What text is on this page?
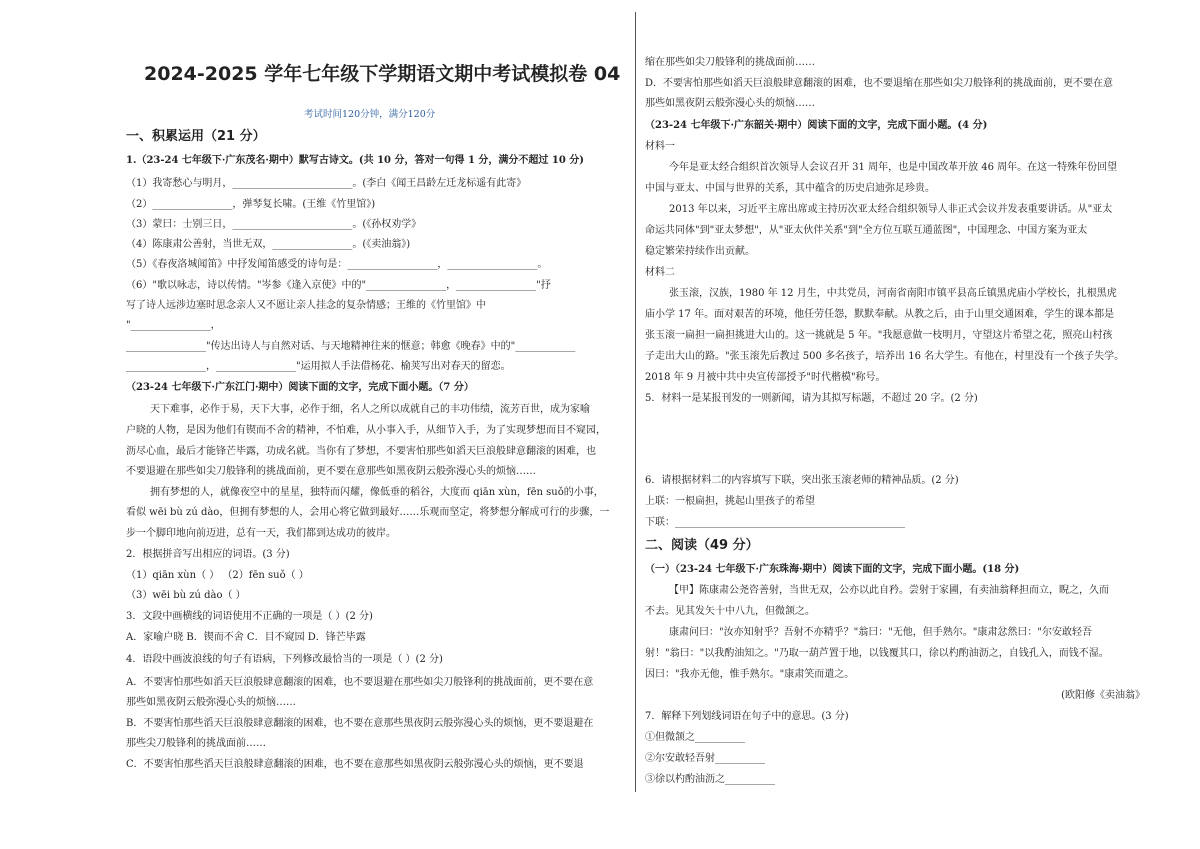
2024-2025 学年七年级下学期语文期中考试模拟卷 04
考试时间120分钟，满分120分
一、积累运用（21 分）
1.（23-24 七年级下·广东茂名·期中）默写古诗文。(共 10 分，答对一句得 1 分，满分不超过 10 分)
（1）我寄愁心与明月，________________________。(李白《闻王昌龄左迁龙标遥有此寄》
（2）________________，弹琴复长啸。(王维《竹里馆》)
（3）蒙曰：士别三日，________________________。(《孙权劝学》
（4）陈康肃公善射，当世无双，________________。(《卖油翁》)
（5）《春夜洛城闻笛》中抒发闻笛感受的诗句是：__________________，__________________。
（6）"歌以咏志，诗以传情。"岑参《逢入京使》中的"________________，________________"抒
写了诗人远涉边塞时思念亲人又不愿让亲人挂念的复杂情感；王维的《竹里馆》中
"________________，
________________"传达出诗人与自然对话、与天地精神往来的惬意；韩愈《晚春》中的"____________
________________，________________"运用拟人手法借杨花、榆荚写出对春天的留恋。
（23-24 七年级下·广东江门·期中）阅读下面的文字，完成下面小题。（7 分）
天下难事，必作于易，天下大事，必作于细，名人之所以成就自己的丰功伟绩，流芳百世，成为家喻
户晓的人物，是因为他们有锲而不舍的精神，不怕难，从小事入手，从细节入手，为了实现梦想而目不窥园，
沥尽心血，最后才能锋芒毕露，功成名就。当你有了梦想，不要害怕那些如滔天巨浪般肆意翻滚的困难，也
不要退避在那些如尖刀般锋利的挑战面前，更不要在意那些如黑夜阴云般弥漫心头的烦恼……
拥有梦想的人，就像夜空中的星星，独特而闪耀，像低垂的稻谷，大度而 qiān xùn，fēn suǒ的小事，
看似 wēi bù zú dào，但拥有梦想的人，会用心将它做到最好……乐观而坚定，将梦想分解成可行的步骤，一
步一个脚印地向前迈进，总有一天，我们都到达成功的彼岸。
2．根据拼音写出相应的词语。(3 分)
（1）qiān xùn（ ） （2）fēn suǒ（ ）
（3）wēi bù zú dào（ ）
3．文段中画横线的词语使用不正确的一项是（ ）(2 分)
A．家喻户晓 B．锲而不舍 C．目不窥园 D．锋芒毕露
4．语段中画波浪线的句子有语病，下列修改最恰当的一项是（ ）(2 分)
A．不要害怕那些如滔天巨浪般肆意翻滚的困难，也不要退避在那些如尖刀般锋利的挑战面前，更不要在意
那些如黑夜阴云般弥漫心头的烦恼……
B．不要害怕那些滔天巨浪般肆意翻滚的困难，也不要在意那些黑夜阴云般弥漫心头的烦恼，更不要退避在
那些尖刀般锋利的挑战面前……
C．不要害怕那些滔天巨浪般肆意翻滚的困难，也不要在意那些如黑夜阴云般弥漫心头的烦恼，更不要退
缩在那些如尖刀般锋利的挑战面前……
D．不要害怕那些如滔天巨浪般肆意翻滚的困难，也不要退缩在那些如尖刀般锋利的挑战面前，更不要在意
那些如黑夜阴云般弥漫心头的烦恼……
（23-24 七年级下·广东韶关·期中）阅读下面的文字，完成下面小题。(4 分)
材料一
今年是亚太经合组织首次领导人会议召开 31 周年，也是中国改革开放 46 周年。在这一特殊年份回望
中国与亚太、中国与世界的关系，其中蕴含的历史启迪弥足珍贵。
2013 年以来，习近平主席出席或主持历次亚太经合组织领导人非正式会议并发表重要讲话。从"亚太
命运共同体"到"亚太梦想"，从"亚太伙伴关系"到"全方位互联互通蓝图"，中国理念、中国方案为亚太
稳定繁荣持续作出贡献。
材料二
张玉滚，汉族，1980 年 12 月生，中共党员，河南省南阳市镇平县高丘镇黑虎庙小学校长，扎根黑虎
庙小学 17 年。面对艰苦的环境，他任劳任怨，默默奉献。从教之后，由于山里交通困难，学生的课本都是
张玉滚一扁担一扁担挑进大山的。这一挑就是 5 年。"我愿意做一枝明月，守望这片希望之花，照亮山村孩
子走出大山的路。"张玉滚先后教过 500 多名孩子，培养出 16 名大学生。有他在，村里没有一个孩子失学。
2018 年 9 月被中共中央宣传部授予"时代楷模"称号。
5．材料一是某报刊发的一则新闻，请为其拟写标题，不超过 20 字。(2 分)
6．请根据材料二的内容填写下联，突出张玉滚老师的精神品质。(2 分)
上联：一根扁担，挑起山里孩子的希望
下联：______________________________________________
二、阅读（49 分）
（一）（23-24 七年级下·广东珠海·期中）阅读下面的文字，完成下面小题。(18 分)
【甲】陈康肃公尧咨善射，当世无双，公亦以此自矜。尝射于家圃，有卖油翁释担而立，睨之，久而
不去。见其发矢十中八九，但微颔之。
康肃问曰："汝亦知射乎？吾射不亦精乎？"翁曰："无他，但手熟尔。"康肃忿然曰："尔安敢轻吾
射！"翁曰："以我酌油知之。"乃取一葫芦置于地，以钱覆其口，徐以杓酌油沥之，自钱孔入，而钱不湿。
因曰："我亦无他，惟手熟尔。"康肃笑而遣之。
(欧阳修《卖油翁》
7．解释下列划线词语在句子中的意思。(3 分)
①但微颔之__________
②尔安敢轻吾射__________
③徐以杓酌油沥之__________
